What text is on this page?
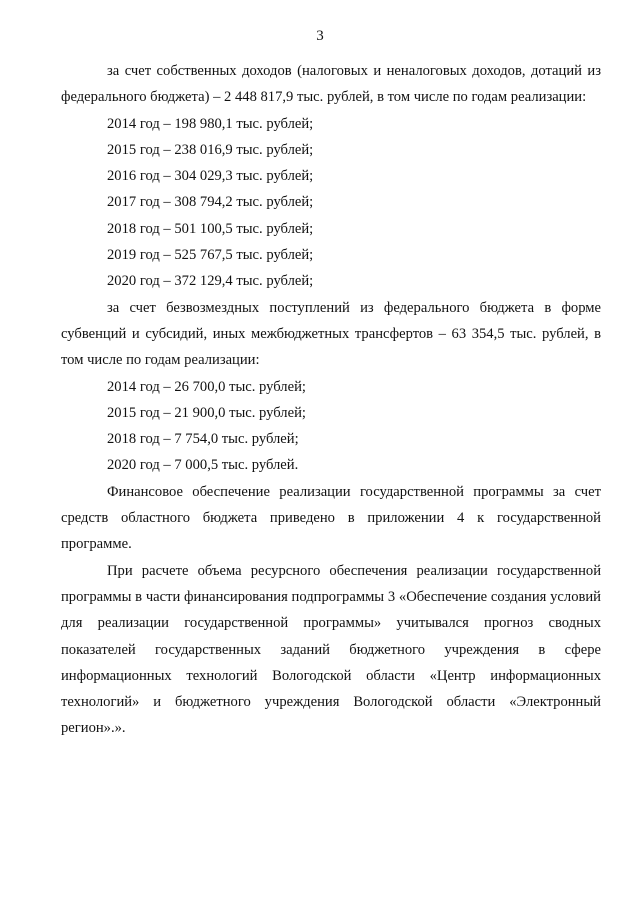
3

за счет собственных доходов (налоговых и неналоговых доходов, дотаций из федерального бюджета) – 2 448 817,9 тыс. рублей, в том числе по годам реализации:

2014 год – 198 980,1 тыс. рублей;

2015 год – 238 016,9 тыс. рублей;

2016 год – 304 029,3 тыс. рублей;

2017 год – 308 794,2 тыс. рублей;

2018 год – 501 100,5 тыс. рублей;

2019 год – 525 767,5 тыс. рублей;

2020 год – 372 129,4 тыс. рублей;

за счет безвозмездных поступлений из федерального бюджета в форме субвенций и субсидий, иных межбюджетных трансфертов – 63 354,5 тыс. рублей, в том числе по годам реализации:

2014 год – 26 700,0 тыс. рублей;

2015 год – 21 900,0 тыс. рублей;

2018 год – 7 754,0 тыс. рублей;

2020 год – 7 000,5 тыс. рублей.

Финансовое обеспечение реализации государственной программы за счет средств областного бюджета приведено в приложении 4 к государственной программе.

При расчете объема ресурсного обеспечения реализации государственной программы в части финансирования подпрограммы 3 «Обеспечение создания условий для реализации государственной программы» учитывался прогноз сводных показателей государственных заданий бюджетного учреждения в сфере информационных технологий Вологодской области «Центр информационных технологий» и бюджетного учреждения Вологодской области «Электронный регион».».
